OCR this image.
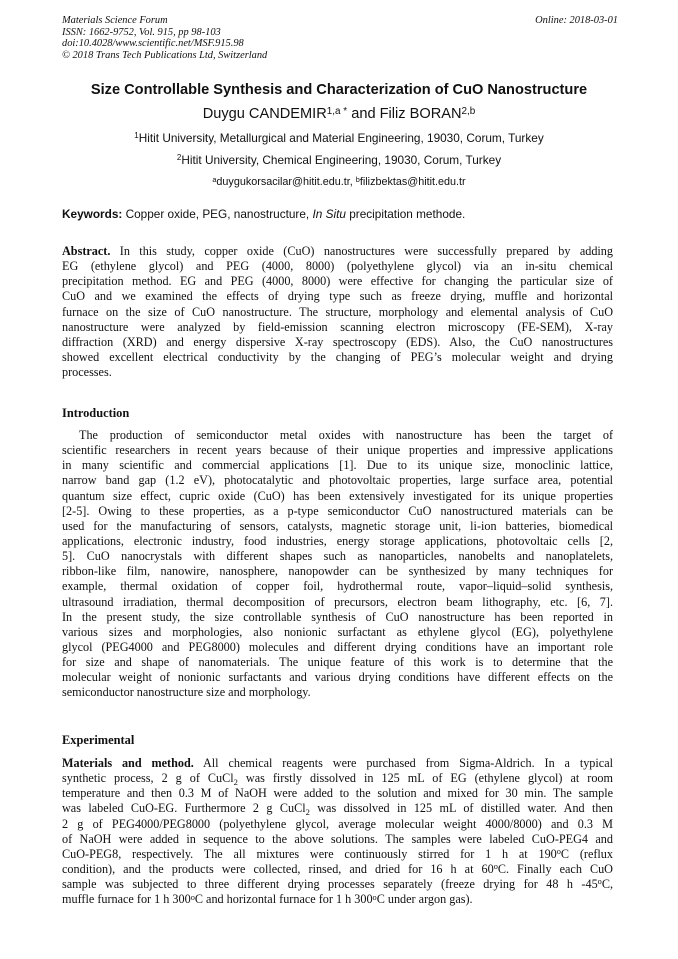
Materials Science Forum
ISSN: 1662-9752, Vol. 915, pp 98-103
doi:10.4028/www.scientific.net/MSF.915.98
© 2018 Trans Tech Publications Ltd, Switzerland
Online: 2018-03-01
Size Controllable Synthesis and Characterization of CuO Nanostructure
Duygu $CANDEMIR^{1,a *}$ and Filiz BORAN$^{2,b}$
$^1$Hitit University, Metallurgical and Material Engineering, 19030, Corum, Turkey
$^2$Hitit University, Chemical Engineering, 19030, Corum, Turkey
$^a$duygukorsacilar@hitit.edu.tr, $^b$filizbektas@hitit.edu.tr
Keywords: Copper oxide, PEG, nanostructure, In Situ precipitation methode.
Abstract. In this study, copper oxide (CuO) nanostructures were successfully prepared by adding
EG (ethylene glycol) and PEG (4000, 8000) (polyethylene glycol) via an in-situ chemical
precipitation method. EG and PEG (4000, 8000) were effective for changing the particular size of
CuO and we examined the effects of drying type such as freeze drying, muffle and horizontal
furnace on the size of CuO nanostructure. The structure, morphology and elemental analysis of CuO
nanostructure were analyzed by field-emission scanning electron microscopy (FE-SEM), X-ray
diffraction (XRD) and energy dispersive X-ray spectroscopy (EDS). Also, the CuO nanostructures
showed excellent electrical conductivity by the changing of PEG’s molecular weight and drying
processes.
Introduction
The production of semiconductor metal oxides with nanostructure has been the target of
scientific researchers in recent years because of their unique properties and impressive applications
in many scientific and commercial applications [1]. Due to its unique size, monoclinic lattice,
narrow band gap (1.2 eV), photocatalytic and photovoltaic properties, large surface area, potential
quantum size effect, cupric oxide (CuO) has been extensively investigated for its unique properties
[2-5]. Owing to these properties, as a p-type semiconductor CuO nanostructured materials can be
used for the manufacturing of sensors, catalysts, magnetic storage unit, li-ion batteries, biomedical
applications, electronic industry, food industries, energy storage applications, photovoltaic cells [2,
5]. CuO nanocrystals with different shapes such as nanoparticles, nanobelts and nanoplatelets,
ribbon-like film, nanowire, nanosphere, nanopowder can be synthesized by many techniques for
example, thermal oxidation of copper foil, hydrothermal route, vapor–liquid–solid synthesis,
ultrasound irradiation, thermal decomposition of precursors, electron beam lithography, etc. [6, 7].
In the present study, the size controllable synthesis of CuO nanostructure has been reported in
various sizes and morphologies, also nonionic surfactant as ethylene glycol (EG), polyethylene
glycol (PEG4000 and PEG8000) molecules and different drying conditions have an important role
for size and shape of nanomaterials. The unique feature of this work is to determine that the
molecular weight of nonionic surfactants and various drying conditions have different effects on the
semiconductor nanostructure size and morphology.
Experimental
Materials and method. All chemical reagents were purchased from Sigma-Aldrich. In a typical
synthetic process, 2 g of CuCl$_2$ was firstly dissolved in 125 mL of EG (ethylene glycol) at room
temperature and then 0.3 M of NaOH were added to the solution and mixed for 30 min. The sample
was labeled CuO-EG. Furthermore 2 g CuCl$_2$ was dissolved in 125 mL of distilled water. And then
2 g of PEG4000/PEG8000 (polyethylene glycol, average molecular weight 4000/8000) and 0.3 M
of NaOH were added in sequence to the above solutions. The samples were labeled CuO-PEG4 and
CuO-PEG8, respectively. The all mixtures were continuously stirred for 1 h at 190$^o$C (reflux
condition), and the products were collected, rinsed, and dried for 16 h at 60$^o$C. Finally each CuO
sample was subjected to three different drying processes separately (freeze drying for 48 h -45$^o$C,
muffle furnace for 1 h 300$^o$C and horizontal furnace for 1 h 300$^o$C under argon gas).
